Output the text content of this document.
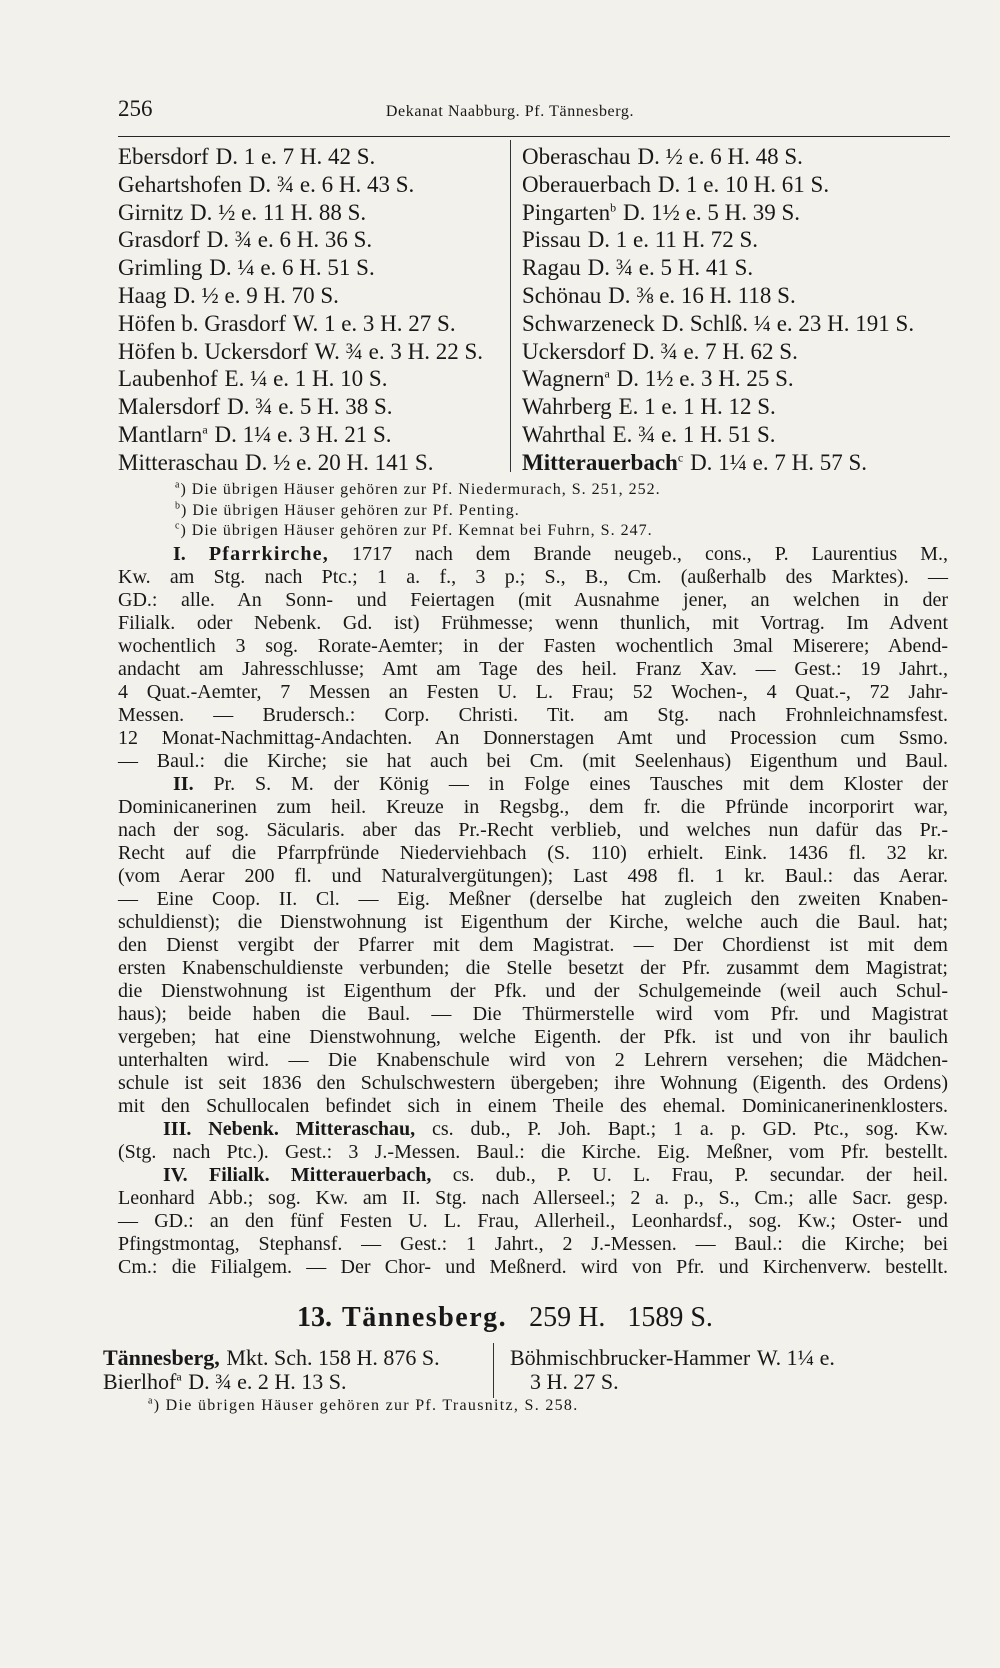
256	Dekanat Naabburg. Pf. Tännesberg.
Ebersdorf D. 1 e. 7 H. 42 S.
Gehartshofen D. ¾ e. 6 H. 43 S.
Girnitz D. ½ e. 11 H. 88 S.
Grasdorf D. ¾ e. 6 H. 36 S.
Grimling D. ¼ e. 6 H. 51 S.
Haag D. ½ e. 9 H. 70 S.
Höfen b. Grasdorf W. 1 e. 3 H. 27 S.
Höfen b. Uckersdorf W. ¾ e. 3 H. 22 S.
Laubenhof E. ¼ e. 1 H. 10 S.
Malersdorf D. ¾ e. 5 H. 38 S.
Mantlarn$^a$ D. 1¼ e. 3 H. 21 S.
Mitteraschau D. ½ e. 20 H. 141 S.
Oberaschau D. ½ e. 6 H. 48 S.
Oberauerbach D. 1 e. 10 H. 61 S.
Pingarten$^b$ D. 1½ e. 5 H. 39 S.
Pissau D. 1 e. 11 H. 72 S.
Ragau D. ¾ e. 5 H. 41 S.
Schönau D. ⅜ e. 16 H. 118 S.
Schwarzeneck D. Schlß. ¼ e. 23 H. 191 S.
Uckersdorf D. ¾ e. 7 H. 62 S.
Wagnern$^a$ D. 1½ e. 3 H. 25 S.
Wahrberg E. 1 e. 1 H. 12 S.
Wahrthal E. ¾ e. 1 H. 51 S.
Mitterauerbach$^c$ D. 1¼ e. 7 H. 57 S.
$^a$) Die übrigen Häuser gehören zur Pf. Niedermurach, S. 251, 252.
$^b$) Die übrigen Häuser gehören zur Pf. Penting.
$^c$) Die übrigen Häuser gehören zur Pf. Kemnat bei Fuhrn, S. 247.
I. Pfarrkirche, 1717 nach dem Brande neugeb., cons., P. Laurentius M.,
Kw. am Stg. nach Ptc.; 1 a. f., 3 p.; S., B., Cm. (außerhalb des Marktes). —
GD.: alle. An Sonn- und Feiertagen (mit Ausnahme jener, an welchen in der
Filialk. oder Nebenk. Gd. ist) Frühmesse; wenn thunlich, mit Vortrag. Im Advent
wochentlich 3 sog. Rorate-Aemter; in der Fasten wochentlich 3mal Miserere; Abend-
andacht am Jahresschlusse; Amt am Tage des heil. Franz Xav. — Gest.: 19 Jahrt.,
4 Quat.-Aemter, 7 Messen an Festen U. L. Frau; 52 Wochen-, 4 Quat.-, 72 Jahr-
Messen. — Brudersch.: Corp. Christi. Tit. am Stg. nach Frohnleichnamsfest.
12 Monat-Nachmittag-Andachten. An Donnerstagen Amt und Procession cum Ssmo.
— Baul.: die Kirche; sie hat auch bei Cm. (mit Seelenhaus) Eigenthum und Baul.
II. Pr. S. M. der König — in Folge eines Tausches mit dem Kloster der
Dominicanerinen zum heil. Kreuze in Regsbg., dem fr. die Pfründe incorporirt war,
nach der sog. Säcularis. aber das Pr.-Recht verblieb, und welches nun dafür das Pr.-
Recht auf die Pfarrpfründe Niederviehbach (S. 110) erhielt. Eink. 1436 fl. 32 kr.
(vom Aerar 200 fl. und Naturalvergütungen); Last 498 fl. 1 kr. Baul.: das Aerar.
— Eine Coop. II. Cl. — Eig. Meßner (derselbe hat zugleich den zweiten Knaben-
schuldienst); die Dienstwohnung ist Eigenthum der Kirche, welche auch die Baul. hat;
den Dienst vergibt der Pfarrer mit dem Magistrat. — Der Chordienst ist mit dem
ersten Knabenschuldienste verbunden; die Stelle besetzt der Pfr. zusammt dem Magistrat;
die Dienstwohnung ist Eigenthum der Pfk. und der Schulgemeinde (weil auch Schul-
haus); beide haben die Baul. — Die Thürmerstelle wird vom Pfr. und Magistrat
vergeben; hat eine Dienstwohnung, welche Eigenth. der Pfk. ist und von ihr baulich
unterhalten wird. — Die Knabenschule wird von 2 Lehrern versehen; die Mädchen-
schule ist seit 1836 den Schulschwestern übergeben; ihre Wohnung (Eigenth. des Ordens)
mit den Schullocalen befindet sich in einem Theile des ehemal. Dominicanerinenklosters.
III. Nebenk. Mitteraschau, cs. dub., P. Joh. Bapt.; 1 a. p. GD. Ptc., sog. Kw.
(Stg. nach Ptc.). Gest.: 3 J.-Messen. Baul.: die Kirche. Eig. Meßner, vom Pfr. bestellt.
IV. Filialk. Mitterauerbach, cs. dub., P. U. L. Frau, P. secundar. der heil.
Leonhard Abb.; sog. Kw. am II. Stg. nach Allerseel.; 2 a. p., S., Cm.; alle Sacr. gesp.
— GD.: an den fünf Festen U. L. Frau, Allerheil., Leonhardsf., sog. Kw.; Oster- und
Pfingstmontag, Stephansf. — Gest.: 1 Jahrt., 2 J.-Messen. — Baul.: die Kirche; bei
Cm.: die Filialgem. — Der Chor- und Meßnerd. wird von Pfr. und Kirchenverw. bestellt.
13. Tännesberg. 259 H. 1589 S.
Tännesberg, Mkt. Sch. 158 H. 876 S.
Bierlhof$^a$ D. ¾ e. 2 H. 13 S.
Böhmischbrucker-Hammer W. 1¼ e.
3 H. 27 S.
$^a$) Die übrigen Häuser gehören zur Pf. Trausnitz, S. 258.
